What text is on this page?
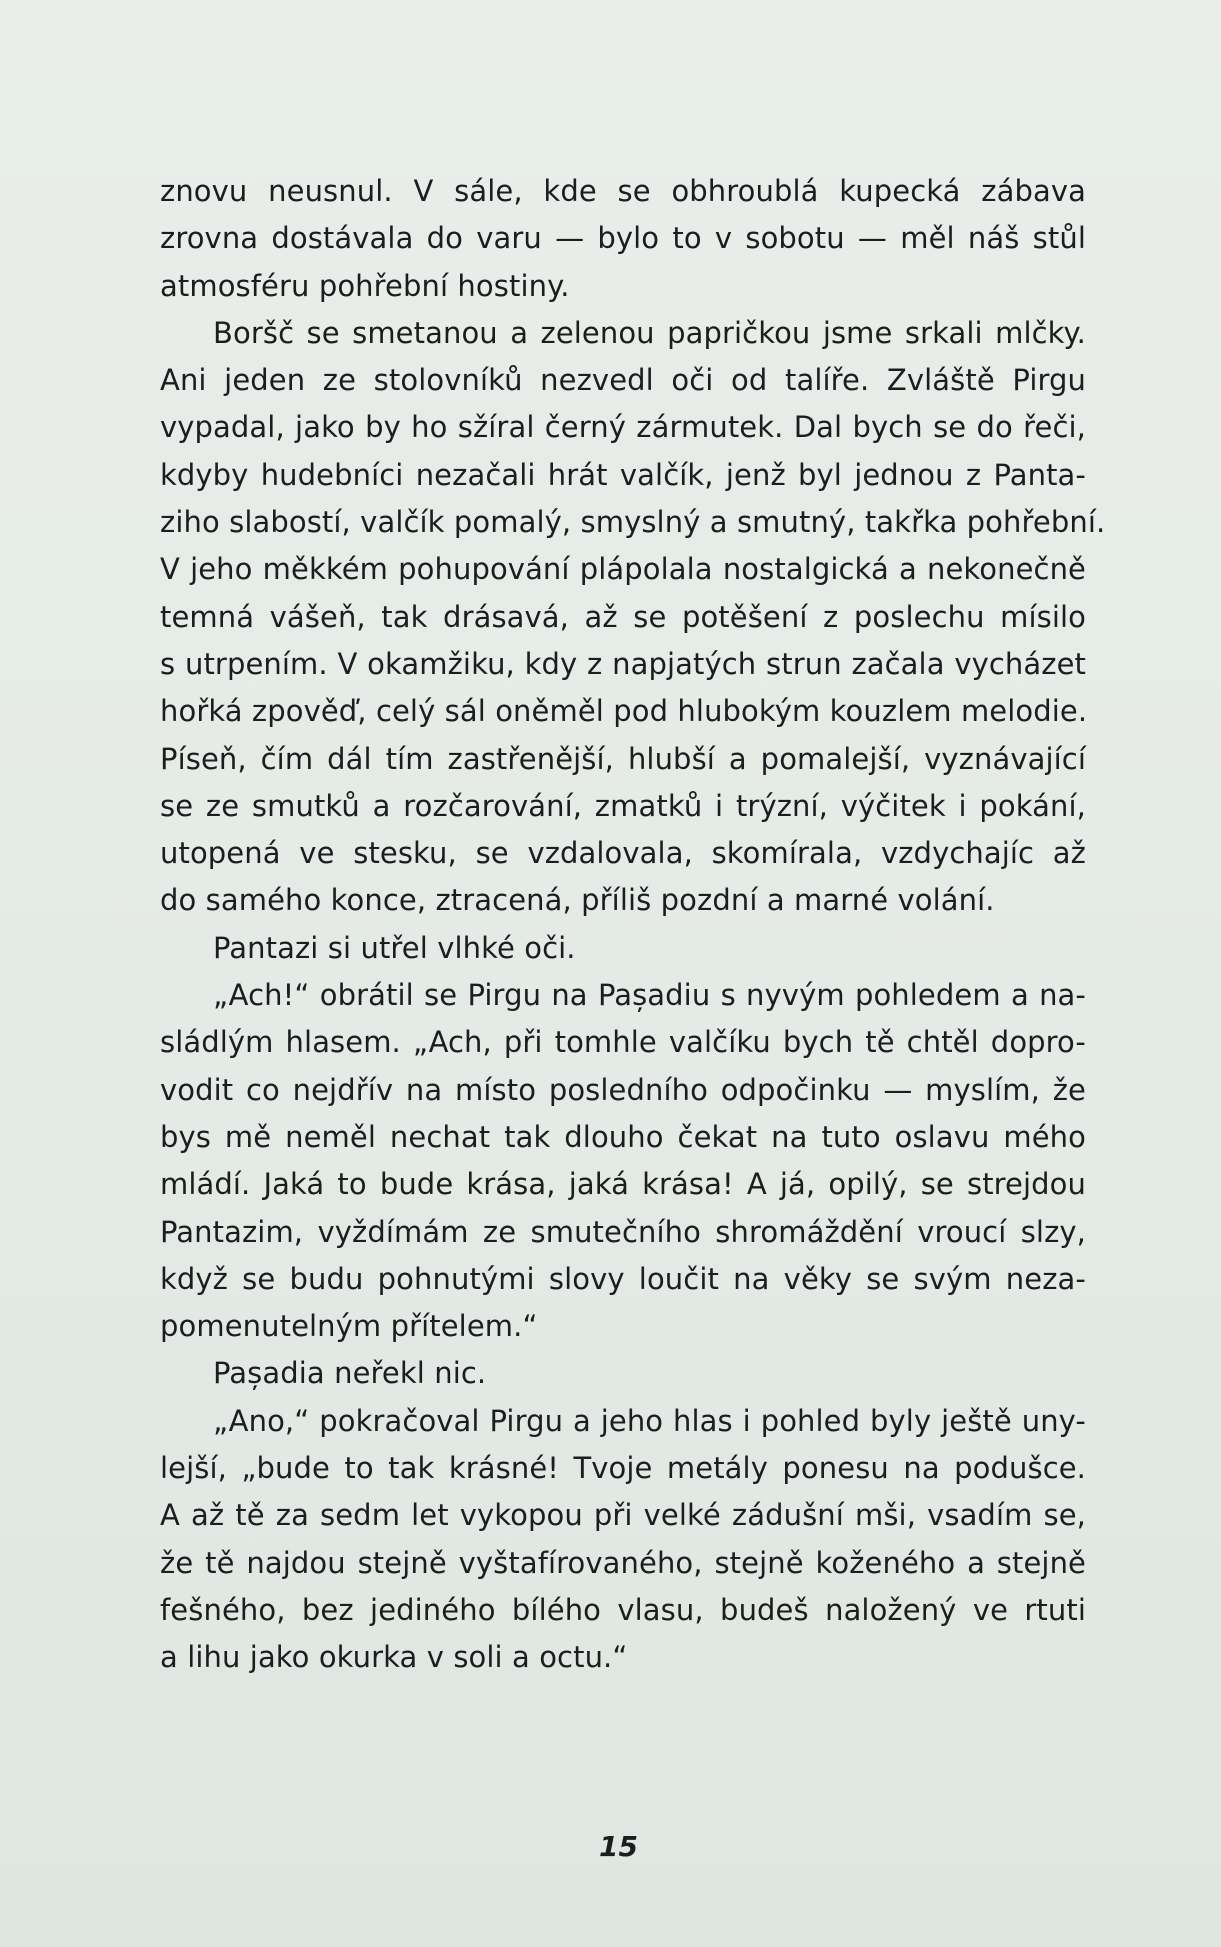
znovu neusnul. V sále, kde se obhroublá kupecká zábava
zrovna dostávala do varu — bylo to v sobotu — měl náš stůl
atmosféru pohřební hostiny.
Boršč se smetanou a zelenou papričkou jsme srkali mlčky.
Ani jeden ze stolovníků nezvedl oči od talíře. Zvláště Pirgu
vypadal, jako by ho sžíral černý zármutek. Dal bych se do řeči,
kdyby hudebníci nezačali hrát valčík, jenž byl jednou z Panta-
ziho slabostí, valčík pomalý, smyslný a smutný, takřka pohřební.
V jeho měkkém pohupování plápolala nostalgická a nekonečně
temná vášeň, tak drásavá, až se potěšení z poslechu mísilo
s utrpením. V okamžiku, kdy z napjatých strun začala vycházet
hořká zpověď, celý sál oněměl pod hlubokým kouzlem melodie.
Píseň, čím dál tím zastřenější, hlubší a pomalejší, vyznávající
se ze smutků a rozčarování, zmatků i trýzní, výčitek i pokání,
utopená ve stesku, se vzdalovala, skomírala, vzdychajíc až
do samého konce, ztracená, příliš pozdní a marné volání.
Pantazi si utřel vlhké oči.
„Ach!“ obrátil se Pirgu na Pașadiu s nyvým pohledem a na-
sládlým hlasem. „Ach, při tomhle valčíku bych tě chtěl dopro-
vodit co nejdřív na místo posledního odpočinku — myslím, že
bys mě neměl nechat tak dlouho čekat na tuto oslavu mého
mládí. Jaká to bude krása, jaká krása! A já, opilý, se strejdou
Pantazim, vyždímám ze smutečního shromáždění vroucí slzy,
když se budu pohnutými slovy loučit na věky se svým neza-
pomenutelným přítelem.“
Pașadia neřekl nic.
„Ano,“ pokračoval Pirgu a jeho hlas i pohled byly ještě uny-
lejší, „bude to tak krásné! Tvoje metály ponesu na podušce.
A až tě za sedm let vykopou při velké zádušní mši, vsadím se,
že tě najdou stejně vyštafírovaného, stejně koženého a stejně
fešného, bez jediného bílého vlasu, budeš naložený ve rtuti
a lihu jako okurka v soli a octu.“
15
